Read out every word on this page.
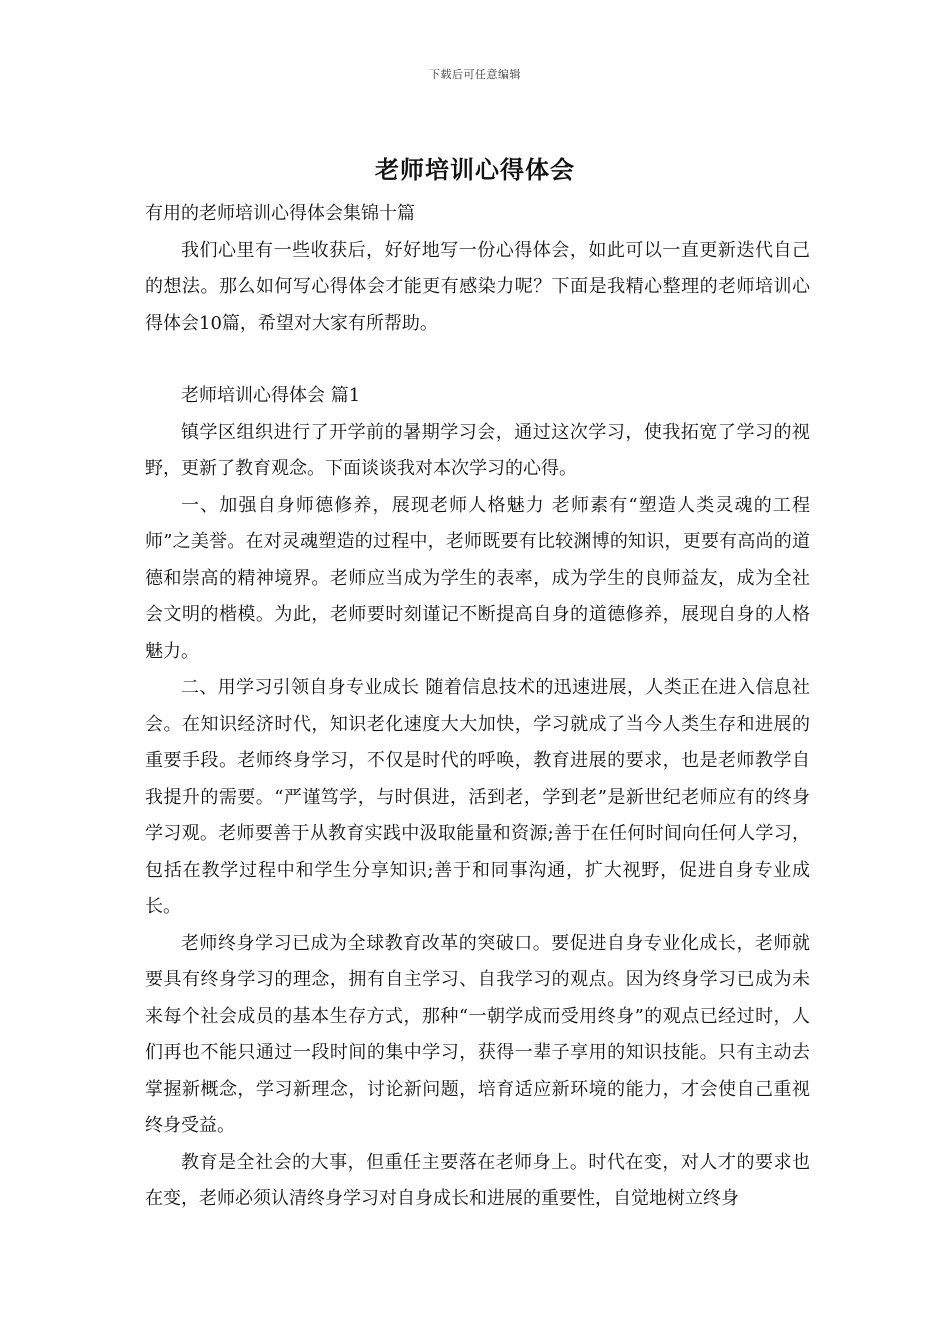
下载后可任意编辑
老师培训心得体会

有用的老师培训心得体会集锦十篇

我们心里有一些收获后，好好地写一份心得体会，如此可以一直更新迭代自己的想法。那么如何写心得体会才能更有感染力呢？下面是我精心整理的老师培训心得体会10篇，希望对大家有所帮助。

老师培训心得体会 篇1

镇学区组织进行了开学前的暑期学习会，通过这次学习，使我拓宽了学习的视野，更新了教育观念。下面谈谈我对本次学习的心得。

一、加强自身师德修养，展现老师人格魅力 老师素有“塑造人类灵魂的工程师”之美誉。在对灵魂塑造的过程中，老师既要有比较渊博的知识，更要有高尚的道德和崇高的精神境界。老师应当成为学生的表率，成为学生的良师益友，成为全社会文明的楷模。为此，老师要时刻谨记不断提高自身的道德修养，展现自身的人格魅力。

二、用学习引领自身专业成长 随着信息技术的迅速进展，人类正在进入信息社会。在知识经济时代，知识老化速度大大加快，学习就成了当今人类生存和进展的重要手段。老师终身学习，不仅是时代的呼唤，教育进展的要求，也是老师教学自我提升的需要。“严谨笃学，与时俱进，活到老，学到老”是新世纪老师应有的终身学习观。老师要善于从教育实践中汲取能量和资源;善于在任何时间向任何人学习，包括在教学过程中和学生分享知识;善于和同事沟通，扩大视野，促进自身专业成长。

老师终身学习已成为全球教育改革的突破口。要促进自身专业化成长，老师就要具有终身学习的理念，拥有自主学习、自我学习的观点。因为终身学习已成为未来每个社会成员的基本生存方式，那种“一朝学成而受用终身”的观点已经过时，人们再也不能只通过一段时间的集中学习，获得一辈子享用的知识技能。只有主动去掌握新概念，学习新理念，讨论新问题，培育适应新环境的能力，才会使自己重视终身受益。

教育是全社会的大事，但重任主要落在老师身上。时代在变，对人才的要求也在变，老师必须认清终身学习对自身成长和进展的重要性，自觉地树立终身
